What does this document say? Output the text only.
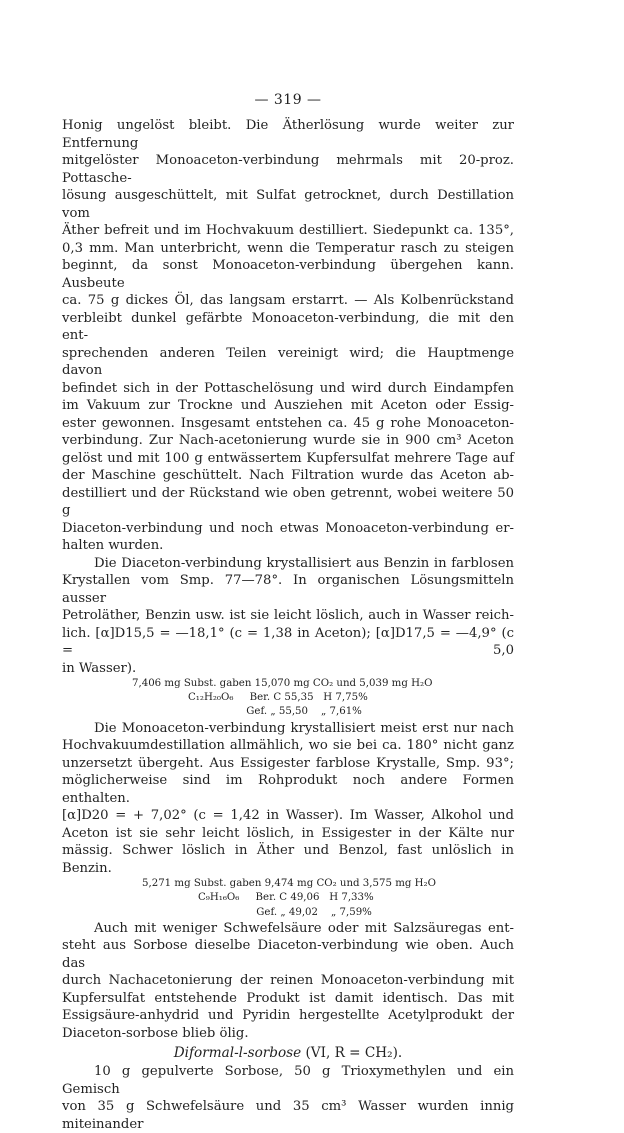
— 319 —

Honig ungelöst bleibt. Die Ätherlösung wurde weiter zur Entfernung

mitgelöster Monoaceton-verbindung mehrmals mit 20-proz. Pottasche-

lösung ausgeschüttelt, mit Sulfat getrocknet, durch Destillation vom

Äther befreit und im Hochvakuum destilliert. Siedepunkt ca. 135°,

0,3 mm. Man unterbricht, wenn die Temperatur rasch zu steigen

beginnt, da sonst Monoaceton-verbindung übergehen kann. Ausbeute

ca. 75 g dickes Öl, das langsam erstarrt. — Als Kolbenrückstand

verbleibt dunkel gefärbte Monoaceton-verbindung, die mit den ent-

sprechenden anderen Teilen vereinigt wird; die Hauptmenge davon

befindet sich in der Pottaschelösung und wird durch Eindampfen

im Vakuum zur Trockne und Ausziehen mit Aceton oder Essig-

ester gewonnen. Insgesamt entstehen ca. 45 g rohe Monoaceton-

verbindung. Zur Nach-acetonierung wurde sie in 900 cm³ Aceton

gelöst und mit 100 g entwässertem Kupfersulfat mehrere Tage auf

der Maschine geschüttelt. Nach Filtration wurde das Aceton ab-

destilliert und der Rückstand wie oben getrennt, wobei weitere 50 g

Diaceton-verbindung und noch etwas Monoaceton-verbindung er-

halten wurden.

Die Diaceton-verbindung krystallisiert aus Benzin in farblosen

Krystallen vom Smp. 77—78°. In organischen Lösungsmitteln ausser

Petroläther, Benzin usw. ist sie leicht löslich, auch in Wasser reich-

lich. [α]D15,5 = —18,1° (c = 1,38 in Aceton); [α]D17,5 = —4,9° (c = 5,0

in Wasser).

7,406 mg Subst. gaben 15,070 mg CO₂ und 5,039 mg H₂O
C₁₂H₂₀O₆     Ber. C 55,35   H 7,75%
Gef. „ 55,50    „ 7,61%

Die Monoaceton-verbindung krystallisiert meist erst nur nach

Hochvakuumdestillation allmählich, wo sie bei ca. 180° nicht ganz

unzersetzt übergeht. Aus Essigester farblose Krystalle, Smp. 93°;

möglicherweise sind im Rohprodukt noch andere Formen enthalten.

[α]D20 = + 7,02° (c = 1,42 in Wasser). Im Wasser, Alkohol und

Aceton ist sie sehr leicht löslich, in Essigester in der Kälte nur

mässig. Schwer löslich in Äther und Benzol, fast unlöslich in Benzin.

5,271 mg Subst. gaben 9,474 mg CO₂ und 3,575 mg H₂O
C₉H₁₆O₆     Ber. C 49,06   H 7,33%
Gef. „ 49,02    „ 7,59%

Auch mit weniger Schwefelsäure oder mit Salzsäuregas ent-

steht aus Sorbose dieselbe Diaceton-verbindung wie oben. Auch das

durch Nachacetonierung der reinen Monoaceton-verbindung mit

Kupfersulfat entstehende Produkt ist damit identisch. Das mit

Essigsäure-anhydrid und Pyridin hergestellte Acetylprodukt der

Diaceton-sorbose blieb ölig.

Diformal-l-sorbose (VI, R = CH₂).

10 g gepulverte Sorbose, 50 g Trioxymethylen und ein Gemisch

von 35 g Schwefelsäure und 35 cm³ Wasser wurden innig miteinander
